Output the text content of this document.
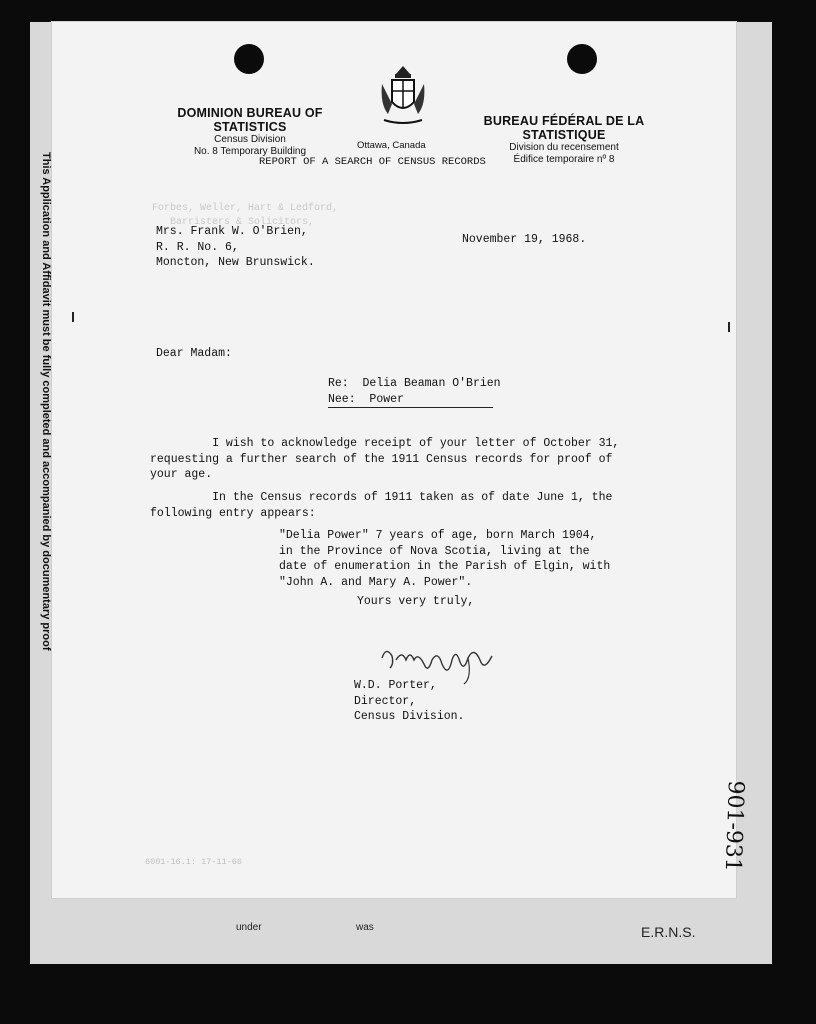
This Application and Affidavit must be fully completed and accompanied by documentary proof
under	was	E.R.N.S.
DOMINION BUREAU OF STATISTICS
Census Division
No. 8 Temporary Building
Ottawa, Canada
BUREAU FÉDÉRAL DE LA STATISTIQUE
Division du recensement
Édifice temporaire nº 8
REPORT OF A SEARCH OF CENSUS RECORDS
Forbes, Weller, Hart & Ledford,
Barristers & Solicitors,
Mrs. Frank W. O'Brien,
R. R. No. 6,
Moncton, New Brunswick.
November 19, 1968.
Dear Madam:
Re: Delia Beaman O'Brien
Nee: Power
I wish to acknowledge receipt of your letter of October 31,
requesting a further search of the 1911 Census records for proof of
your age.
In the Census records of 1911 taken as of date June 1, the
following entry appears:
"Delia Power" 7 years of age, born March 1904,
in the Province of Nova Scotia, living at the
date of enumeration in the Parish of Elgin, with
"John A. and Mary A. Power".
Yours very truly,
W.D. Porter,
Director,
Census Division.
6001-16.1: 17-11-66	901-931
